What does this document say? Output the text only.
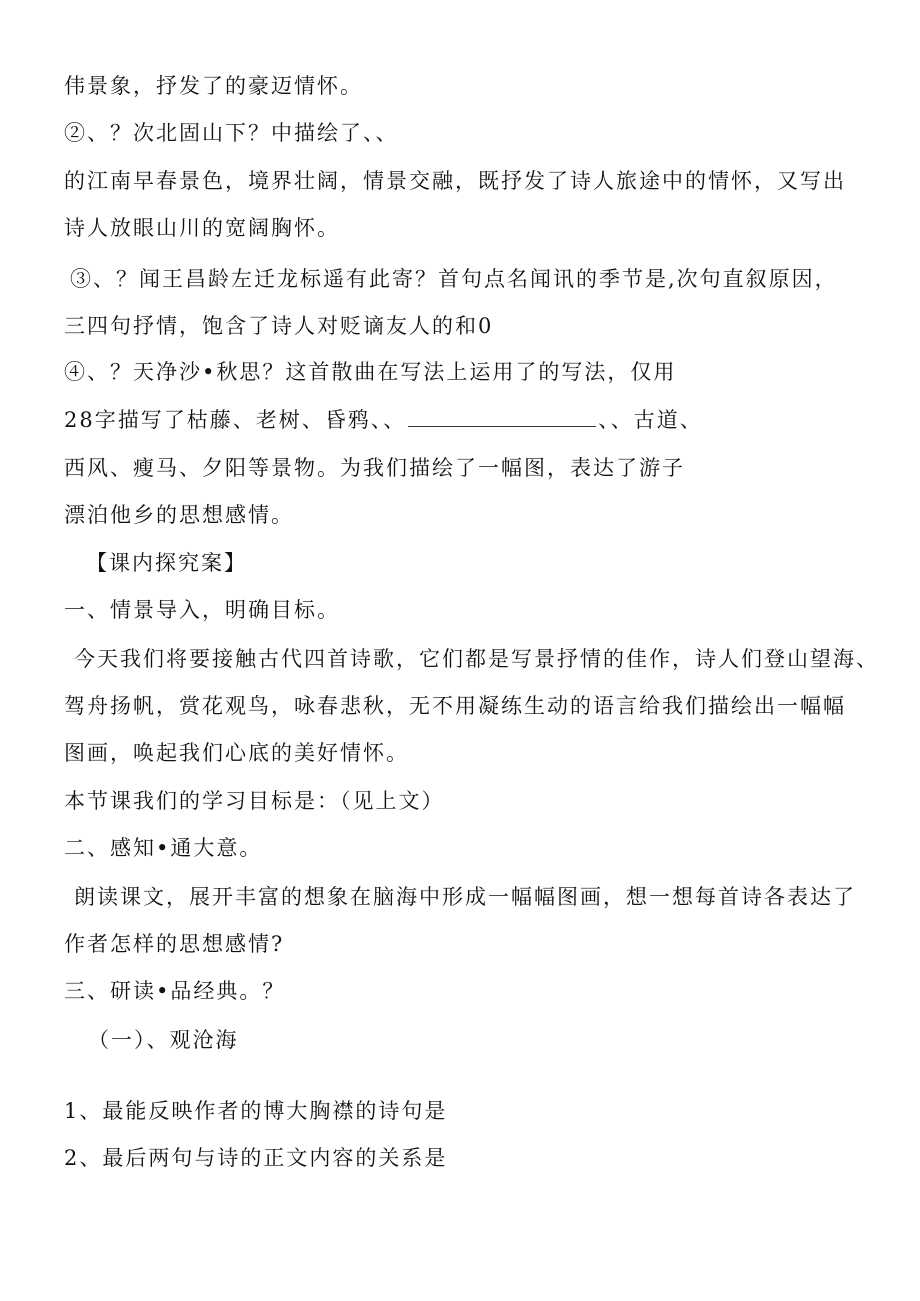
伟景象，抒发了的豪迈情怀。
②、？次北固山下？中描绘了、、
的江南早春景色，境界壮阔，情景交融，既抒发了诗人旅途中的情怀，又写出
诗人放眼山川的宽阔胸怀。
③、？闻王昌龄左迁龙标遥有此寄？首句点名闻讯的季节是,次句直叙原因，
三四句抒情，饱含了诗人对贬谪友人的和0
④、？天净沙•秋思？这首散曲在写法上运用了的写法，仅用
28字描写了枯藤、老树、昏鸦、、	、、古道、
西风、瘦马、夕阳等景物。为我们描绘了一幅图，表达了游子
漂泊他乡的思想感情。
【课内探究案】
一、情景导入，明确目标。
今天我们将要接触古代四首诗歌，它们都是写景抒情的佳作，诗人们登山望海、
驾舟扬帆，赏花观鸟，咏春悲秋，无不用凝练生动的语言给我们描绘出一幅幅
图画，唤起我们心底的美好情怀。
本节课我们的学习目标是：（见上文）
二、感知•通大意。
朗读课文，展开丰富的想象在脑海中形成一幅幅图画，想一想每首诗各表达了
作者怎样的思想感情?
三、研读•品经典。？
（一）、观沧海
1、最能反映作者的博大胸襟的诗句是
2、最后两句与诗的正文内容的关系是
